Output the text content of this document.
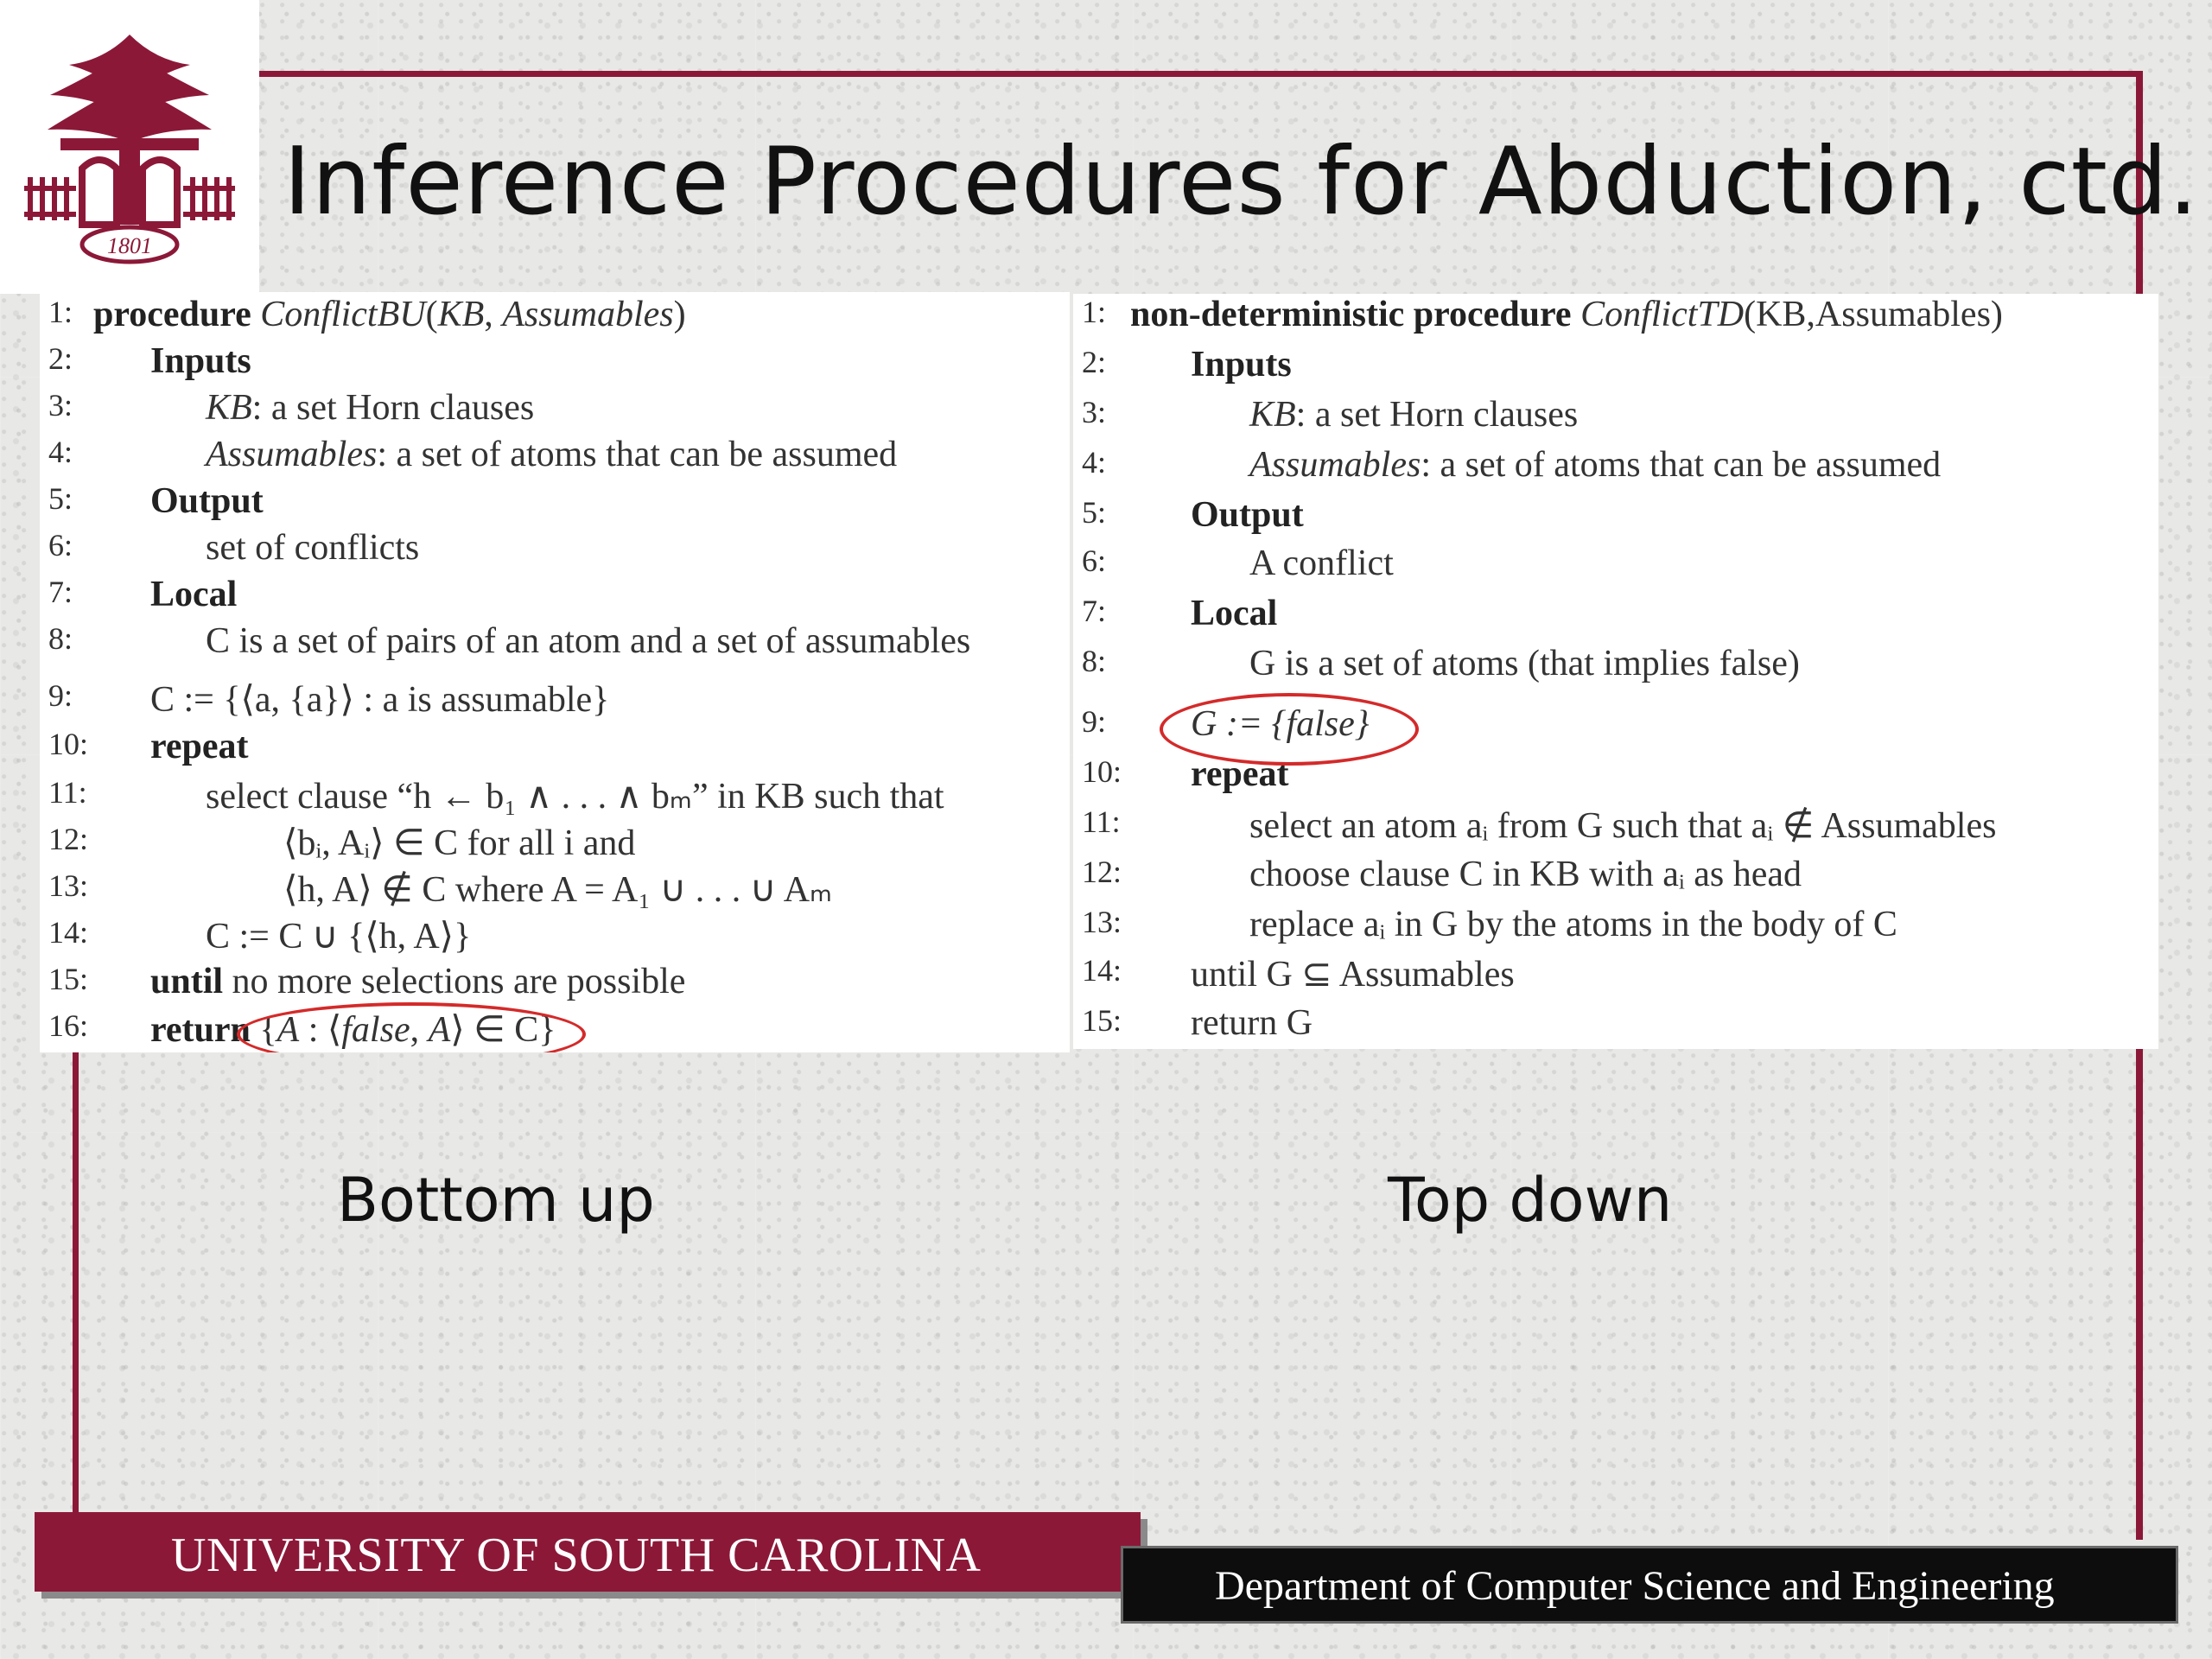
1801
Inference Procedures for Abduction, ctd.
1: procedure ConflictBU(KB, Assumables)
2:	Inputs
3:	KB: a set Horn clauses
4:	Assumables: a set of atoms that can be assumed
5:	Output
6:	set of conflicts
7:	Local
8:	C is a set of pairs of an atom and a set of assumables
9:	C := {⟨a, {a}⟩ : a is assumable}
10:	repeat
11:	select clause “h ← b₁ ∧ . . . ∧ bₘ” in KB such that
12:	⟨bᵢ, Aᵢ⟩ ∈ C for all i and
13:	⟨h, A⟩ ∉ C where A = A₁ ∪ . . . ∪ Aₘ
14:	C := C ∪ {⟨h, A⟩}
15:	until no more selections are possible
16:	return {A : ⟨false, A⟩ ∈ C}
1: non-deterministic procedure ConflictTD(KB,Assumables)
2:	Inputs
3:	KB: a set Horn clauses
4:	Assumables: a set of atoms that can be assumed
5:	Output
6:	A conflict
7:	Local
8:	G is a set of atoms (that implies false)
9:	G := {false}
10:	repeat
11:	select an atom aᵢ from G such that aᵢ ∉ Assumables
12:	choose clause C in KB with aᵢ as head
13:	replace aᵢ in G by the atoms in the body of C
14:	until G ⊆ Assumables
15:	return G
Bottom up	Top down
UNIVERSITY OF SOUTH CAROLINA
Department of Computer Science and Engineering
